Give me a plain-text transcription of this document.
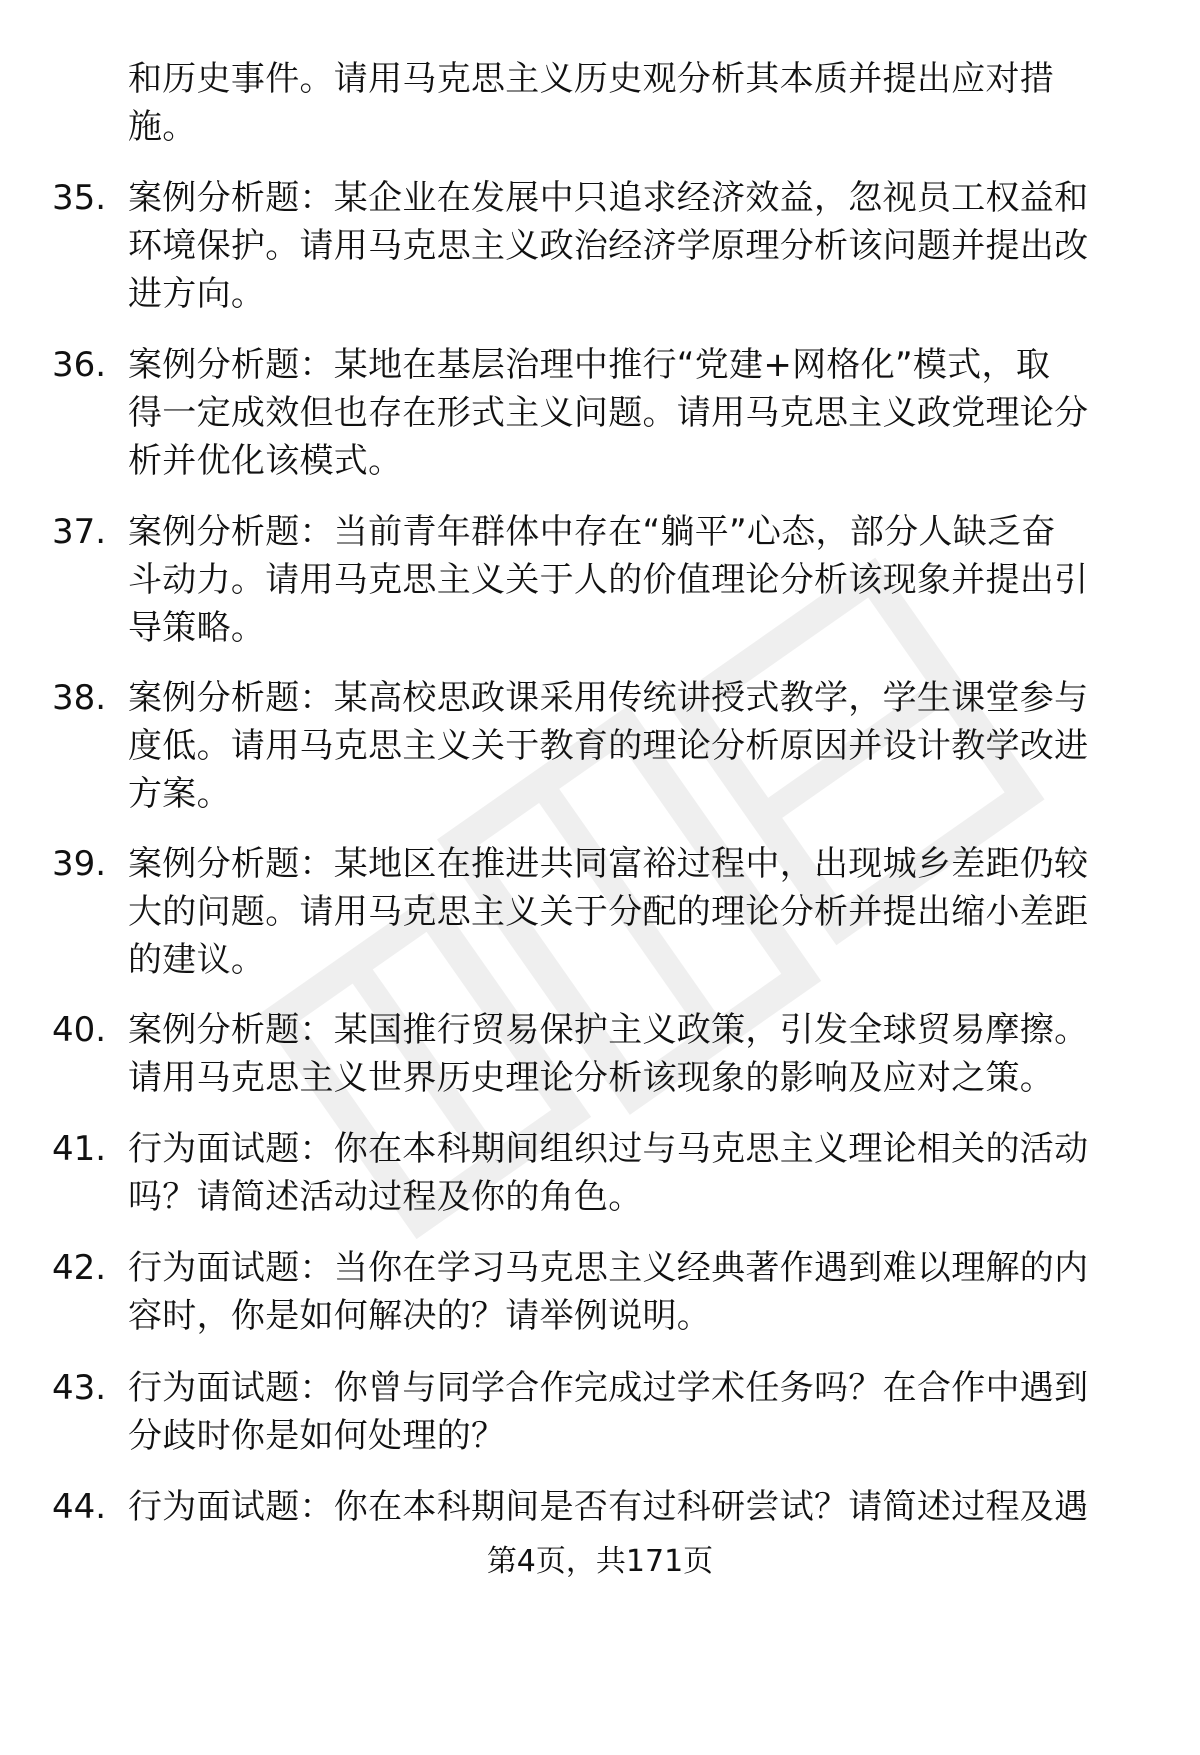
和历史事件。请用马克思主义历史观分析其本质并提出应对措
施。
35. 案例分析题：某企业在发展中只追求经济效益，忽视员工权益和
环境保护。请用马克思主义政治经济学原理分析该问题并提出改
进方向。
36. 案例分析题：某地在基层治理中推行“党建+网格化”模式，取
得一定成效但也存在形式主义问题。请用马克思主义政党理论分
析并优化该模式。
37. 案例分析题：当前青年群体中存在“躺平”心态，部分人缺乏奋
斗动力。请用马克思主义关于人的价值理论分析该现象并提出引
导策略。
38. 案例分析题：某高校思政课采用传统讲授式教学，学生课堂参与
度低。请用马克思主义关于教育的理论分析原因并设计教学改进
方案。
39. 案例分析题：某地区在推进共同富裕过程中，出现城乡差距仍较
大的问题。请用马克思主义关于分配的理论分析并提出缩小差距
的建议。
40. 案例分析题：某国推行贸易保护主义政策，引发全球贸易摩擦。
请用马克思主义世界历史理论分析该现象的影响及应对之策。
41. 行为面试题：你在本科期间组织过与马克思主义理论相关的活动
吗？请简述活动过程及你的角色。
42. 行为面试题：当你在学习马克思主义经典著作遇到难以理解的内
容时，你是如何解决的？请举例说明。
43. 行为面试题：你曾与同学合作完成过学术任务吗？在合作中遇到
分歧时你是如何处理的？
44. 行为面试题：你在本科期间是否有过科研尝试？请简述过程及遇
第4页，共171页
